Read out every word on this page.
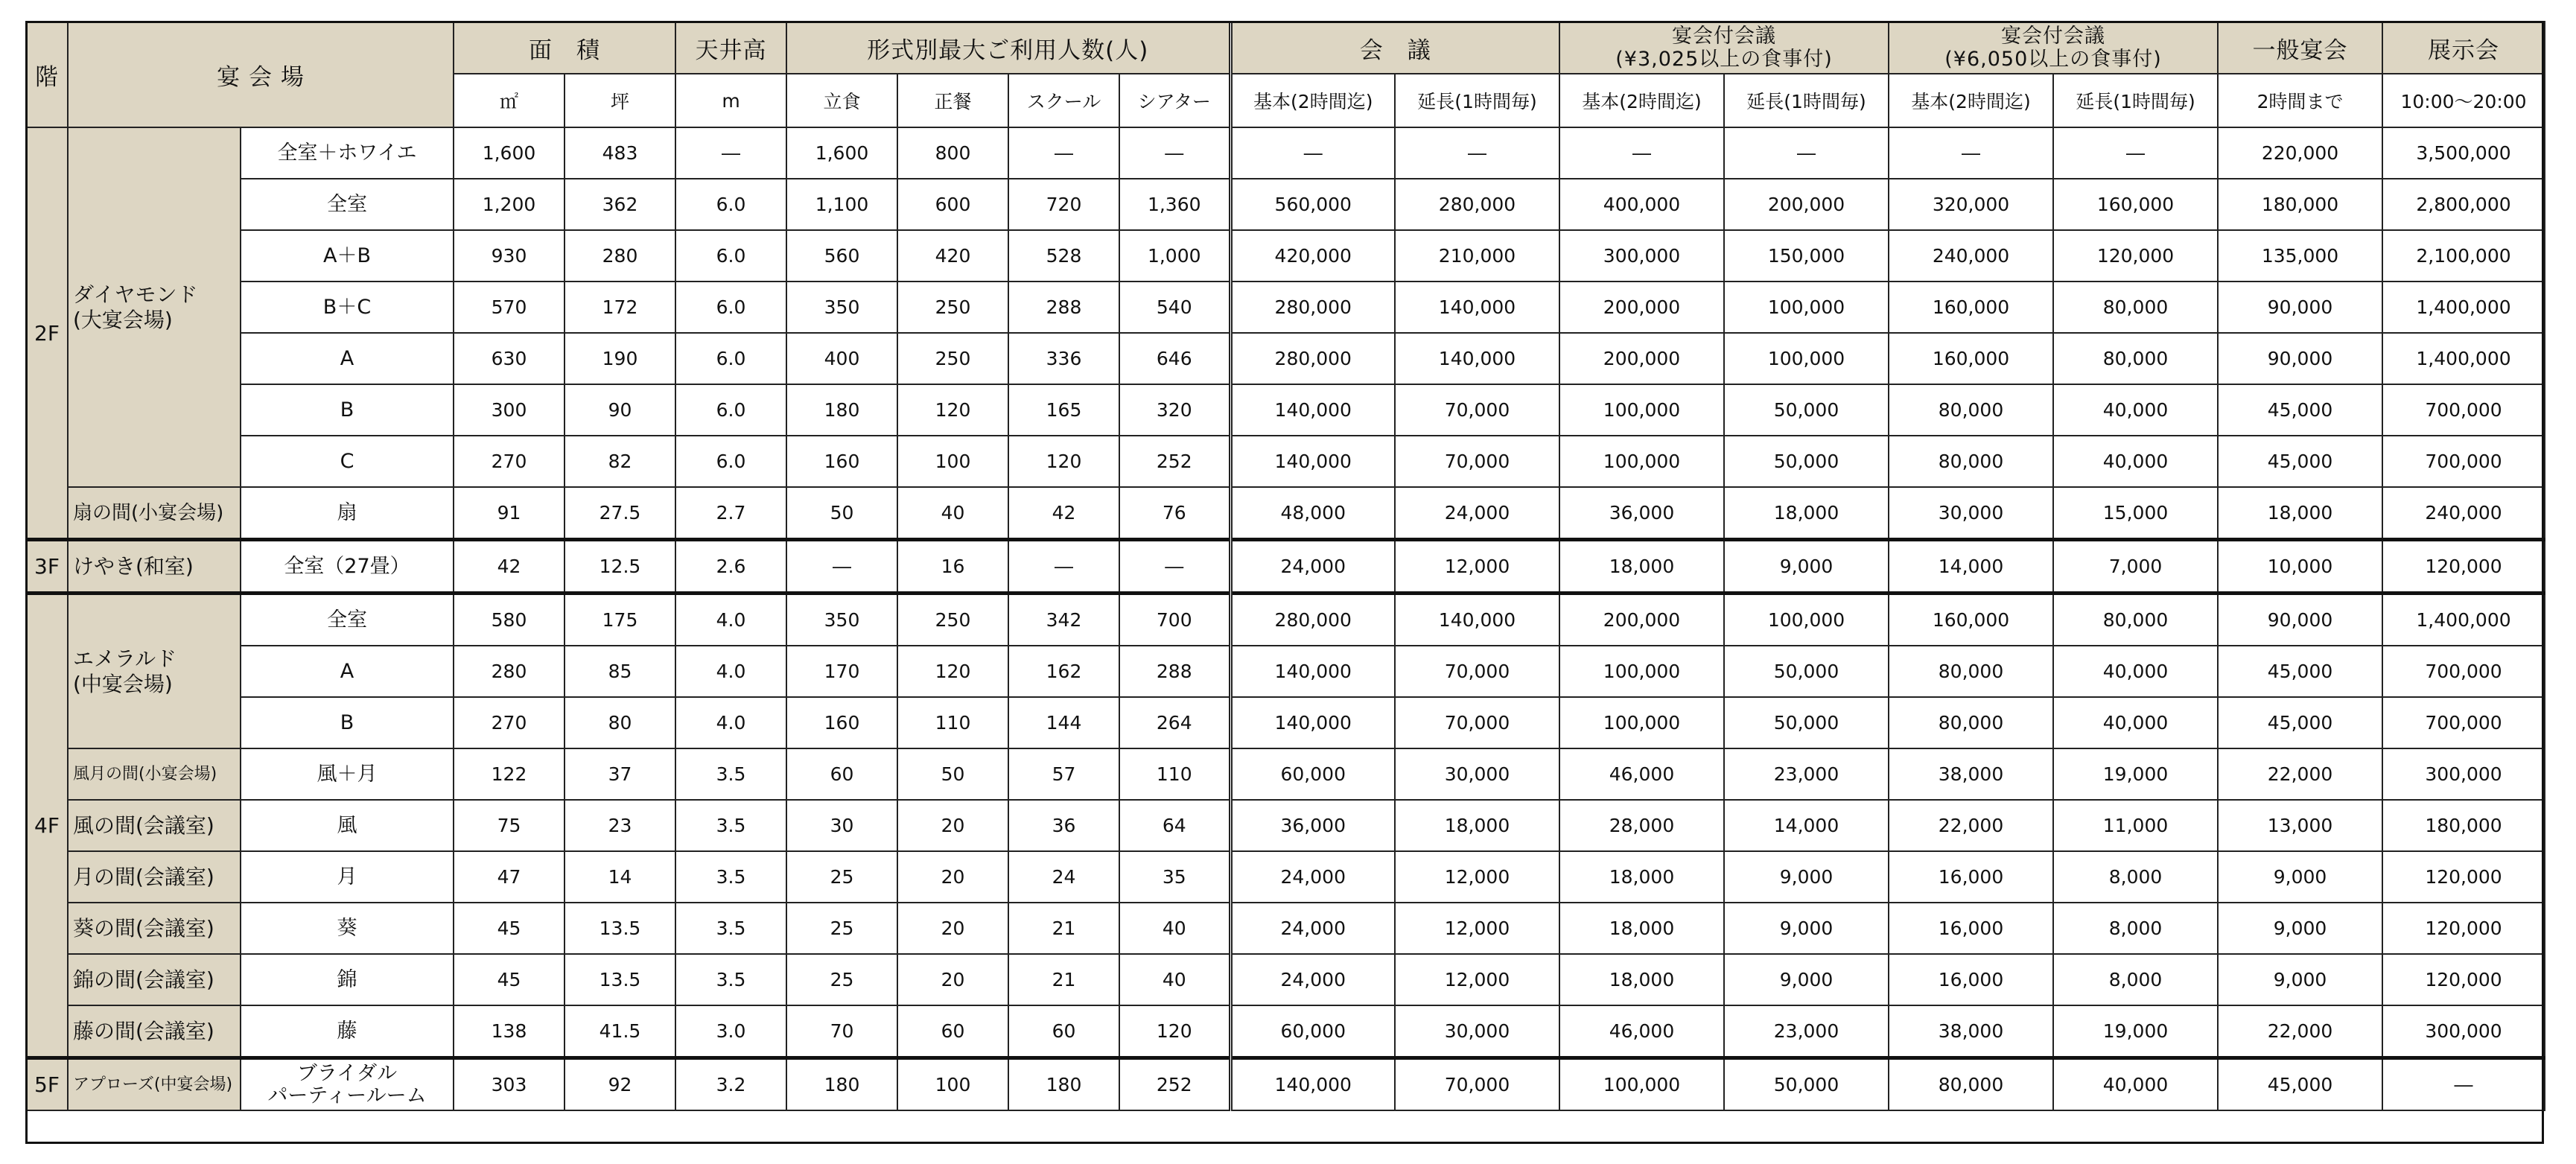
階	宴 会 場		面　積		天井高	形式別最大ご利用人数(人)				会　議		宴会付会議
(¥3,025以上の食事付)		宴会付会議
(¥6,050以上の食事付)		一般宴会	展示会
			㎡	坪	m	立食	正餐	スクール	シアター	基本(2時間迄)	延長(1時間毎)	基本(2時間迄)	延長(1時間毎)	基本(2時間迄)	延長(1時間毎)	2時間まで	10:00～20:00
2F	ダイヤモンド
(大宴会場)	全室＋ホワイエ	1,600	483	―	1,600	800	―	―	―	―	―	―	―	―	220,000	3,500,000
		全室	1,200	362	6.0	1,100	600	720	1,360	560,000	280,000	400,000	200,000	320,000	160,000	180,000	2,800,000
		A＋B	930	280	6.0	560	420	528	1,000	420,000	210,000	300,000	150,000	240,000	120,000	135,000	2,100,000
		B＋C	570	172	6.0	350	250	288	540	280,000	140,000	200,000	100,000	160,000	80,000	90,000	1,400,000
		A	630	190	6.0	400	250	336	646	280,000	140,000	200,000	100,000	160,000	80,000	90,000	1,400,000
		B	300	90	6.0	180	120	165	320	140,000	70,000	100,000	50,000	80,000	40,000	45,000	700,000
		C	270	82	6.0	160	100	120	252	140,000	70,000	100,000	50,000	80,000	40,000	45,000	700,000
	扇の間(小宴会場)	扇	91	27.5	2.7	50	40	42	76	48,000	24,000	36,000	18,000	30,000	15,000	18,000	240,000
3F	けやき(和室)	全室（27畳）	42	12.5	2.6	―	16	―	―	24,000	12,000	18,000	9,000	14,000	7,000	10,000	120,000
4F	エメラルド
(中宴会場)	全室	580	175	4.0	350	250	342	700	280,000	140,000	200,000	100,000	160,000	80,000	90,000	1,400,000
		A	280	85	4.0	170	120	162	288	140,000	70,000	100,000	50,000	80,000	40,000	45,000	700,000
		B	270	80	4.0	160	110	144	264	140,000	70,000	100,000	50,000	80,000	40,000	45,000	700,000
	風月の間(小宴会場)	風＋月	122	37	3.5	60	50	57	110	60,000	30,000	46,000	23,000	38,000	19,000	22,000	300,000
	風の間(会議室)	風	75	23	3.5	30	20	36	64	36,000	18,000	28,000	14,000	22,000	11,000	13,000	180,000
	月の間(会議室)	月	47	14	3.5	25	20	24	35	24,000	12,000	18,000	9,000	16,000	8,000	9,000	120,000
	葵の間(会議室)	葵	45	13.5	3.5	25	20	21	40	24,000	12,000	18,000	9,000	16,000	8,000	9,000	120,000
	錦の間(会議室)	錦	45	13.5	3.5	25	20	21	40	24,000	12,000	18,000	9,000	16,000	8,000	9,000	120,000
	藤の間(会議室)	藤	138	41.5	3.0	70	60	60	120	60,000	30,000	46,000	23,000	38,000	19,000	22,000	300,000
5F	アプローズ(中宴会場)	ブライダル
パーティールーム	303	92	3.2	180	100	180	252	140,000	70,000	100,000	50,000	80,000	40,000	45,000	―
